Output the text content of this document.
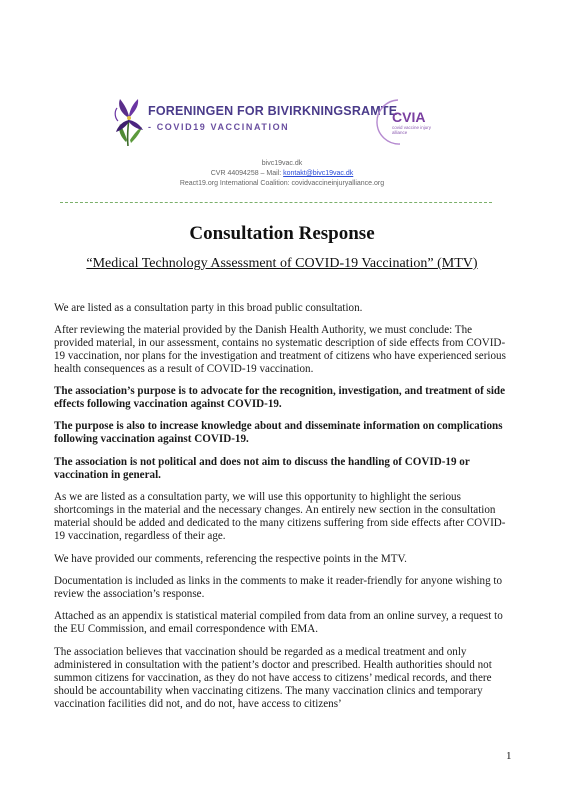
FORENINGEN FOR BIVIRKNINGSRAMTE
- COVID19 VACCINATION
CVIA
covid vaccine injury alliance
bivc19vac.dk
CVR 44094258 – Mail: kontakt@bivc19vac.dk
React19.org International Coalition: covidvaccineinjuryalliance.org
Consultation Response
“Medical Technology Assessment of COVID-19 Vaccination” (MTV)
We are listed as a consultation party in this broad public consultation.
After reviewing the material provided by the Danish Health Authority, we must conclude: The provided material, in our assessment, contains no systematic description of side effects from COVID-19 vaccination, nor plans for the investigation and treatment of citizens who have experienced serious health consequences as a result of COVID-19 vaccination.
The association’s purpose is to advocate for the recognition, investigation, and treatment of side effects following vaccination against COVID-19.
The purpose is also to increase knowledge about and disseminate information on complications following vaccination against COVID-19.
The association is not political and does not aim to discuss the handling of COVID-19 or vaccination in general.
As we are listed as a consultation party, we will use this opportunity to highlight the serious shortcomings in the material and the necessary changes. An entirely new section in the consultation material should be added and dedicated to the many citizens suffering from side effects after COVID-19 vaccination, regardless of their age.
We have provided our comments, referencing the respective points in the MTV.
Documentation is included as links in the comments to make it reader-friendly for anyone wishing to review the association’s response.
Attached as an appendix is statistical material compiled from data from an online survey, a request to the EU Commission, and email correspondence with EMA.
The association believes that vaccination should be regarded as a medical treatment and only administered in consultation with the patient’s doctor and prescribed. Health authorities should not summon citizens for vaccination, as they do not have access to citizens’ medical records, and there should be accountability when vaccinating citizens. The many vaccination clinics and temporary vaccination facilities did not, and do not, have access to citizens’
1
